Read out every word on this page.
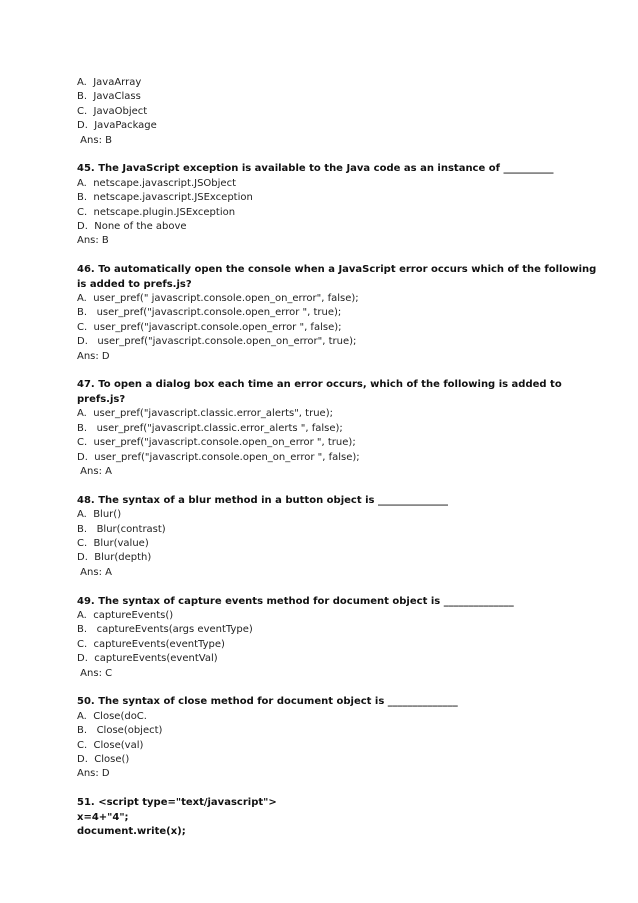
A.  JavaArray
B.  JavaClass
C.  JavaObject
D.  JavaPackage
Ans: B
45. The JavaScript exception is available to the Java code as an instance of __________
A.  netscape.javascript.JSObject
B.  netscape.javascript.JSException
C.  netscape.plugin.JSException
D.  None of the above
Ans: B
46. To automatically open the console when a JavaScript error occurs which of the following is added to prefs.js?
A.  user_pref(" javascript.console.open_on_error", false);
B.   user_pref("javascript.console.open_error ", true);
C.  user_pref("javascript.console.open_error ", false);
D.   user_pref("javascript.console.open_on_error", true);
Ans: D
47. To open a dialog box each time an error occurs, which of the following is added to prefs.js?
A.  user_pref("javascript.classic.error_alerts", true);
B.   user_pref("javascript.classic.error_alerts ", false);
C.  user_pref("javascript.console.open_on_error ", true);
D.  user_pref("javascript.console.open_on_error ", false);
Ans: A
48. The syntax of a blur method in a button object is ______________
A.  Blur()
B.   Blur(contrast)
C.  Blur(value)
D.  Blur(depth)
Ans: A
49. The syntax of capture events method for document object is ______________
A.  captureEvents()
B.   captureEvents(args eventType)
C.  captureEvents(eventType)
D.  captureEvents(eventVal)
Ans: C
50. The syntax of close method for document object is ______________
A.  Close(doC.
B.   Close(object)
C.  Close(val)
D.  Close()
Ans: D
51. <script type="text/javascript">
x=4+"4";
document.write(x);
